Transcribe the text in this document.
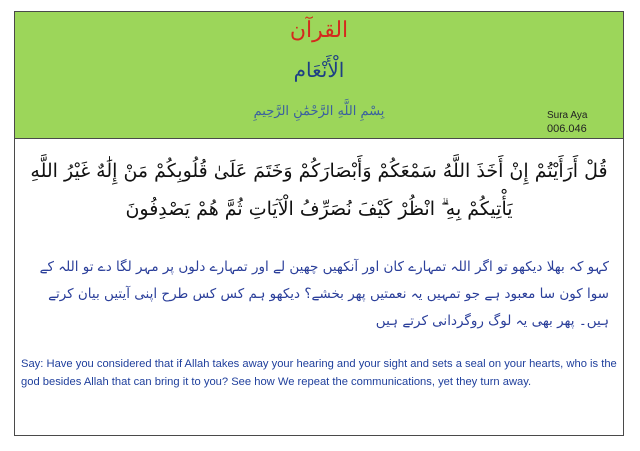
القرآن
الْأَنْعَام
بِسْمِ اللَّهِ الرَّحْمَٰنِ الرَّحِيمِ	Sura Aya
006.046
قُلْ أَرَأَيْتُمْ إِنْ أَخَذَ اللَّهُ سَمْعَكُمْ وَأَبْصَارَكُمْ وَخَتَمَ عَلَىٰ قُلُوبِكُمْ مَنْ إِلَٰهٌ غَيْرُ اللَّهِ يَأْتِيكُمْ بِهِ ۗ انْظُرْ كَيْفَ نُصَرِّفُ الْآيَاتِ ثُمَّ هُمْ يَصْدِفُونَ
کہو کہ بھلا دیکھو تو اگر اللہ تمہارے کان اور آنکھیں چھین لے اور تمہارے دلوں پر مہر لگا دے تو اللہ کے سوا کون سا معبود ہے جو تمہیں یہ نعمتیں پھر بخشے؟ دیکھو ہم کس کس طرح اپنی آیتیں بیان کرتے ہیں۔ پھر بھی یہ لوگ روگردانی کرتے ہیں
Say: Have you considered that if Allah takes away your hearing and your sight and sets a seal on your hearts, who is the god besides Allah that can bring it to you? See how We repeat the communications, yet they turn away.
